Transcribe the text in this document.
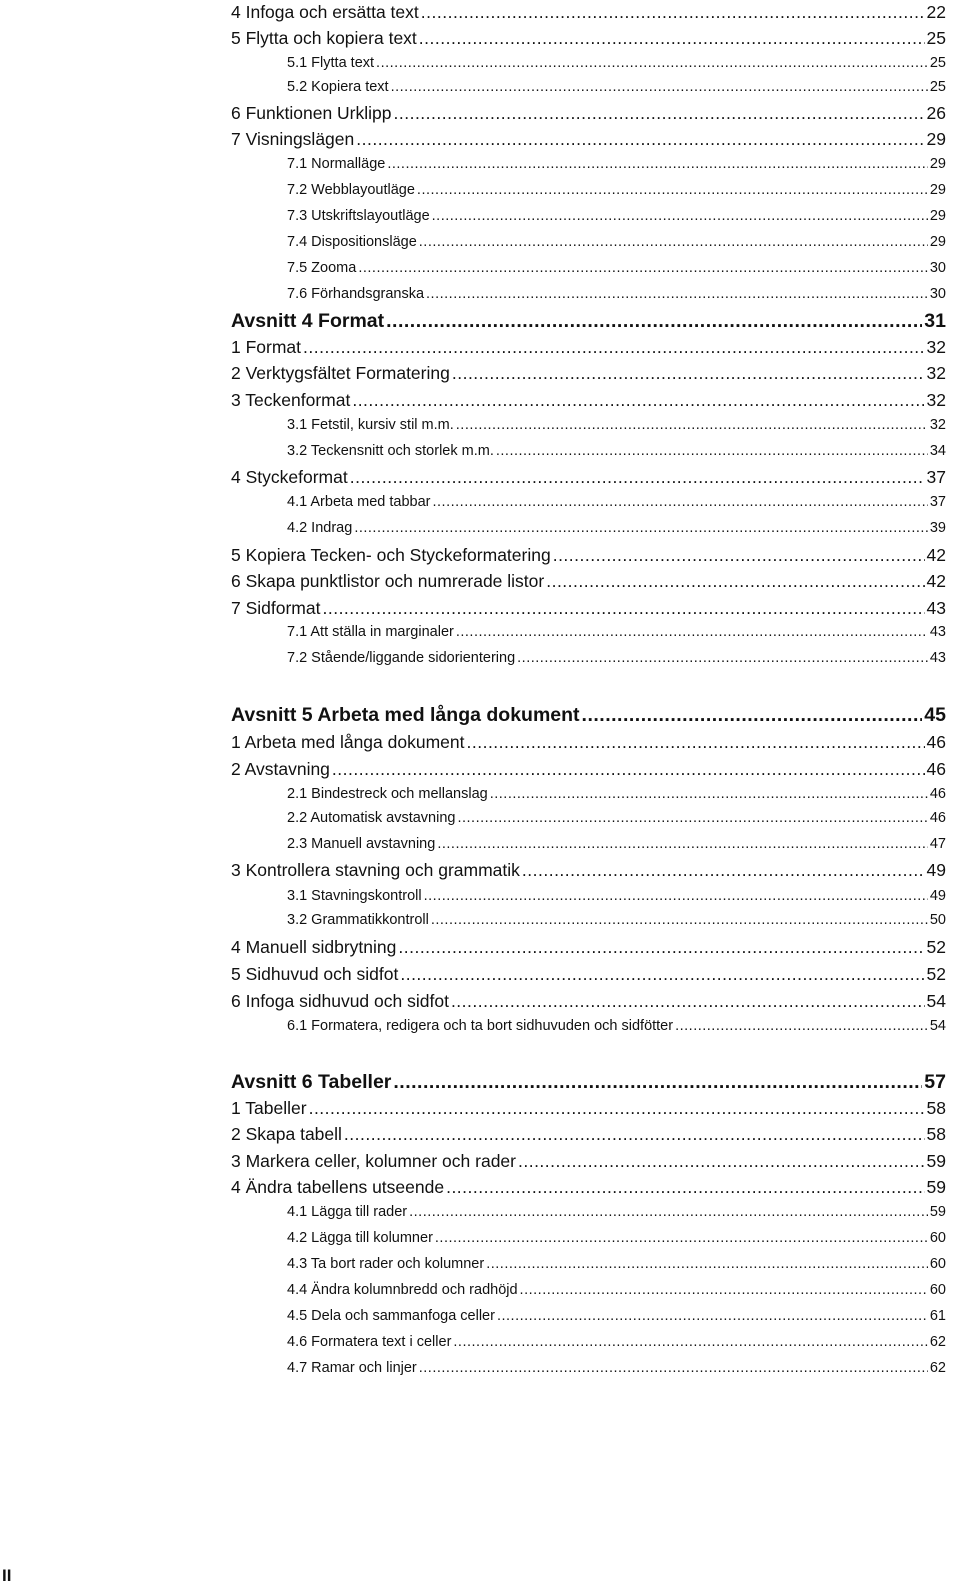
4 Infoga och ersätta text .....	22
5 Flytta och kopiera text .....	25
5.1 Flytta text .....	25
5.2 Kopiera text .....	25
6 Funktionen Urklipp .....	26
7 Visningslägen .....	29
7.1 Normalläge .....	29
7.2 Webblayoutläge .....	29
7.3 Utskriftslayoutläge .....	29
7.4 Dispositionsläge .....	29
7.5 Zooma .....	30
7.6 Förhandsgranska .....	30
Avsnitt 4 Format .....	31
1 Format .....	32
2 Verktygsfältet Formatering .....	32
3 Teckenformat .....	32
3.1 Fetstil, kursiv stil m.m. .....	32
3.2 Teckensnitt och storlek m.m. .....	34
4 Styckeformat .....	37
4.1 Arbeta med tabbar .....	37
4.2 Indrag .....	39
5 Kopiera Tecken- och Styckeformatering .....	42
6 Skapa punktlistor och numrerade listor .....	42
7 Sidformat .....	43
7.1 Att ställa in marginaler .....	43
7.2 Stående/liggande sidorientering .....	43
Avsnitt 5 Arbeta med långa dokument .....	45
1 Arbeta med långa dokument .....	46
2 Avstavning .....	46
2.1 Bindestreck och mellanslag .....	46
2.2 Automatisk avstavning .....	46
2.3 Manuell avstavning .....	47
3 Kontrollera stavning och grammatik .....	49
3.1 Stavningskontroll .....	49
3.2 Grammatikkontroll .....	50
4 Manuell sidbrytning .....	52
5 Sidhuvud och sidfot .....	52
6 Infoga sidhuvud och sidfot .....	54
6.1 Formatera, redigera och ta bort sidhuvuden och sidfötter .....	54
Avsnitt 6 Tabeller .....	57
1 Tabeller .....	58
2 Skapa tabell .....	58
3 Markera celler, kolumner och rader .....	59
4 Ändra tabellens utseende .....	59
4.1 Lägga till rader .....	59
4.2 Lägga till kolumner .....	60
4.3 Ta bort rader och kolumner .....	60
4.4 Ändra kolumnbredd och radhöjd .....	60
4.5 Dela och sammanfoga celler .....	61
4.6 Formatera text i celler .....	62
4.7 Ramar och linjer .....	62
II
